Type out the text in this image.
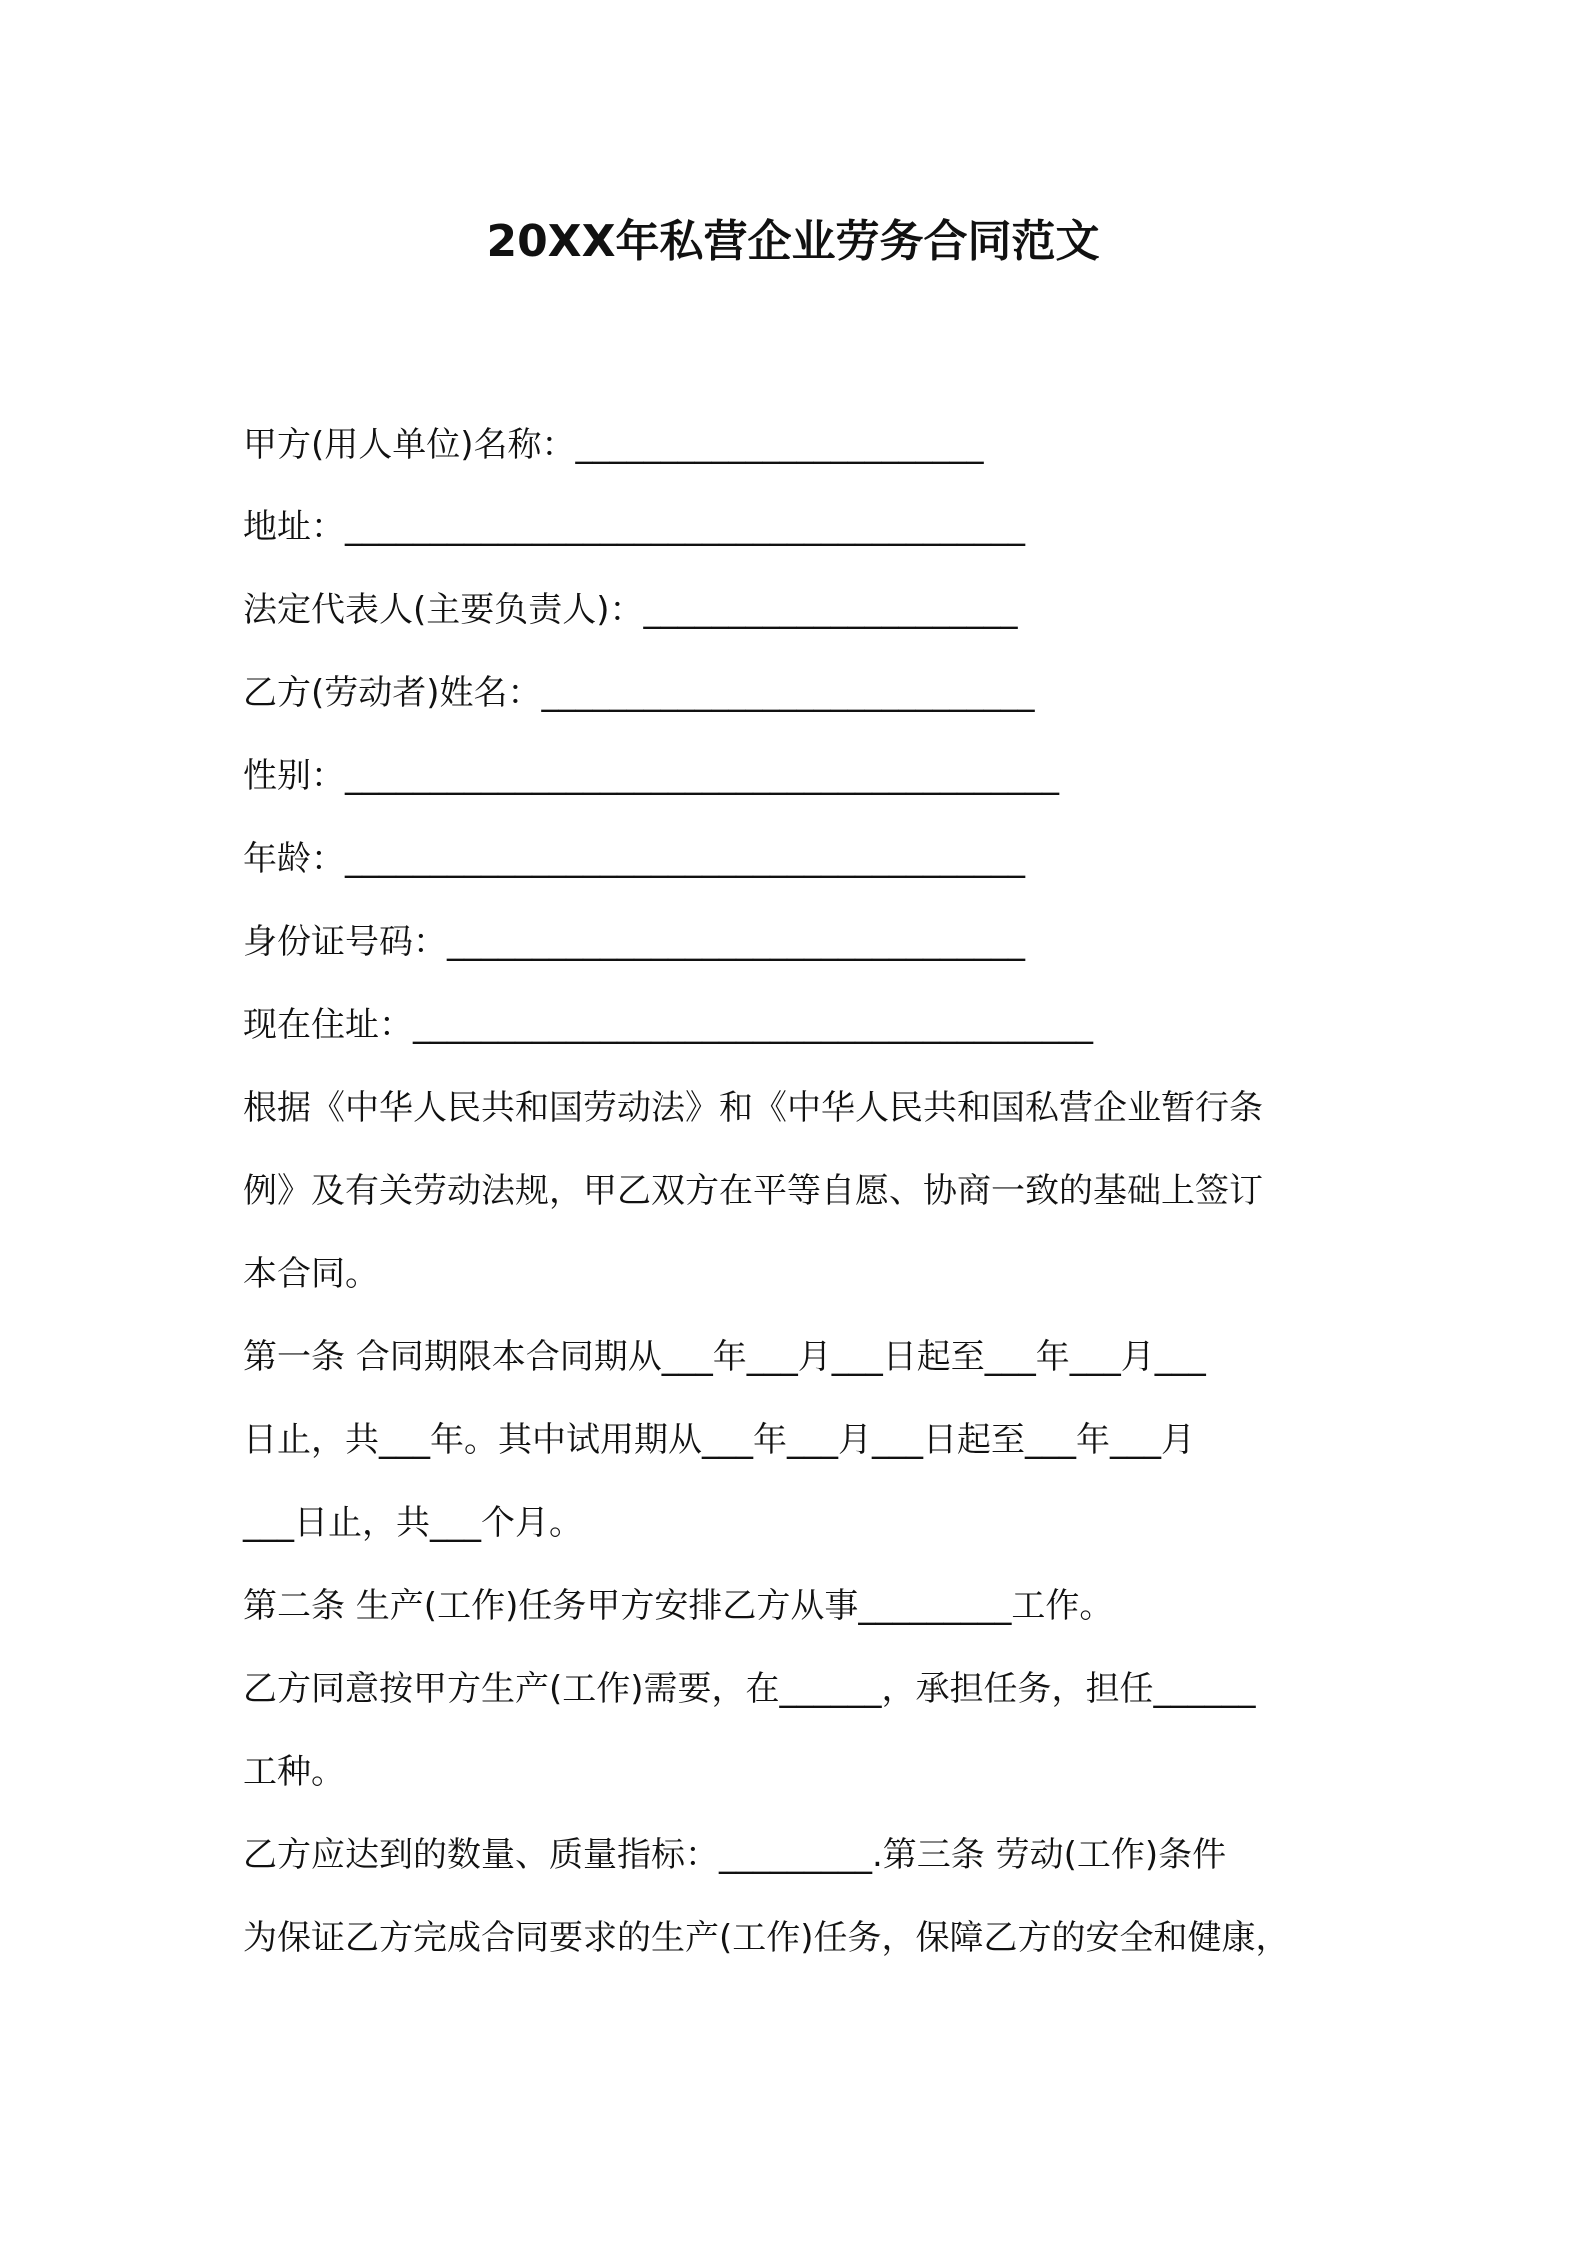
20XX年私营企业劳务合同范文
甲方(用人单位)名称：________________________
地址：________________________________________
法定代表人(主要负责人)：______________________
乙方(劳动者)姓名：_____________________________
性别：__________________________________________
年龄：________________________________________
身份证号码：__________________________________
现在住址：________________________________________
根据《中华人民共和国劳动法》和《中华人民共和国私营企业暂行条
例》及有关劳动法规，甲乙双方在平等自愿、协商一致的基础上签订
本合同。
第一条 合同期限本合同期从___年___月___日起至___年___月___
日止，共___年。其中试用期从___年___月___日起至___年___月
___日止，共___个月。
第二条 生产(工作)任务甲方安排乙方从事_________工作。
乙方同意按甲方生产(工作)需要，在______，承担任务，担任______
工种。
乙方应达到的数量、质量指标：_________.第三条 劳动(工作)条件
为保证乙方完成合同要求的生产(工作)任务，保障乙方的安全和健康，
